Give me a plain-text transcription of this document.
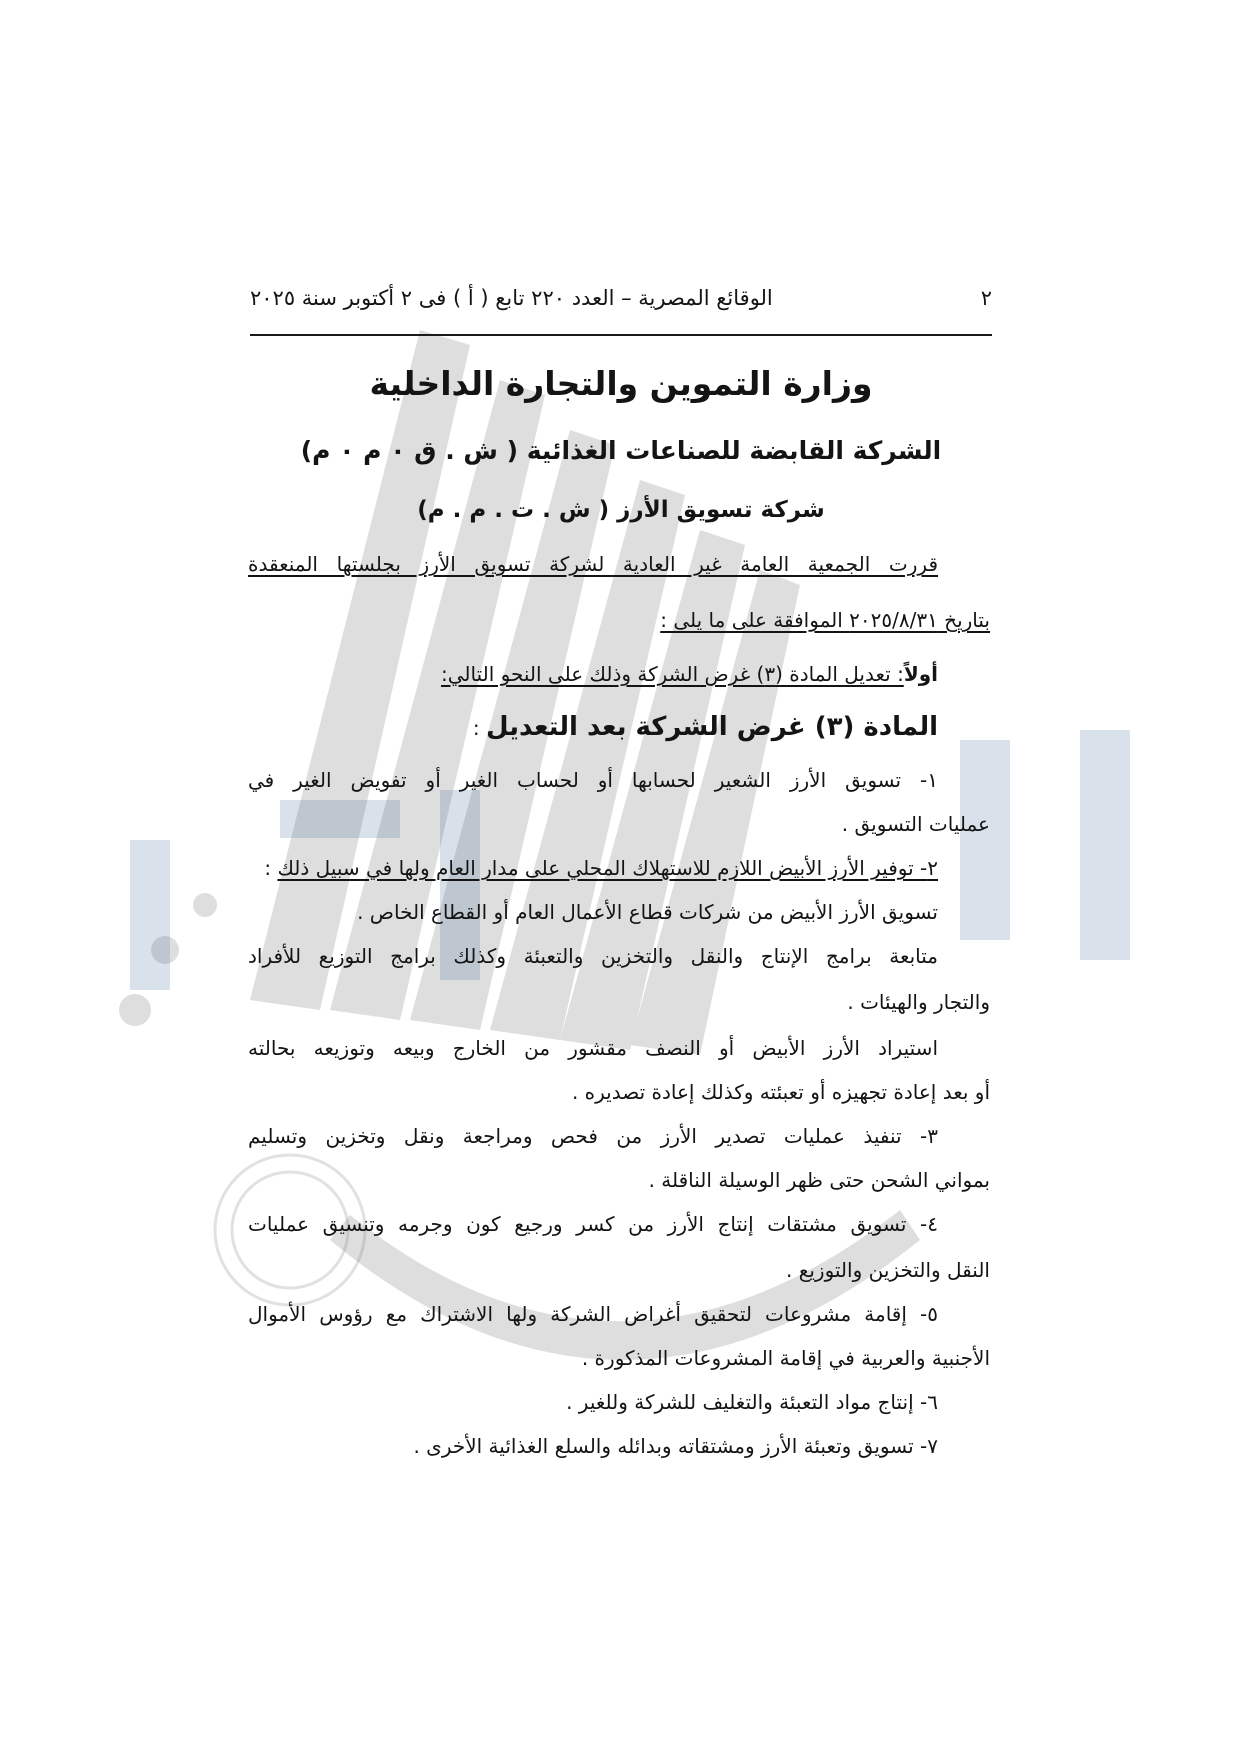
٢
الوقائع المصرية – العدد ٢٢٠ تابع ( أ ) فى ٢ أكتوبر سنة ٢٠٢٥
وزارة التموين والتجارة الداخلية
الشركة القابضة للصناعات الغذائية ( ش . ق ٠ م ٠ م)
شركة تسويق الأرز ( ش . ت . م . م)
قررت الجمعية العامة غير العادية لشركة تسويق الأرز بجلستها المنعقدة
بتاريخ ٢٠٢٥/٨/٣١ الموافقة على ما يلى :
أولاً: تعديل المادة (٣) غرض الشركة وذلك على النحو التالي:
المادة (٣) غرض الشركة بعد التعديل :
١- تسويق الأرز الشعير لحسابها أو لحساب الغير أو تفويض الغير في
عمليات التسويق .
٢- توفير الأرز الأبيض اللازم للاستهلاك المحلي على مدار العام ولها في سبيل ذلك :
تسويق الأرز الأبيض من شركات قطاع الأعمال العام أو القطاع الخاص .
متابعة برامج الإنتاج والنقل والتخزين والتعبئة وكذلك برامج التوزيع للأفراد
والتجار والهيئات .
استيراد الأرز الأبيض أو النصف مقشور من الخارج وبيعه وتوزيعه بحالته
أو بعد إعادة تجهيزه أو تعبئته وكذلك إعادة تصديره .
٣- تنفيذ عمليات تصدير الأرز من فحص ومراجعة ونقل وتخزين وتسليم
بمواني الشحن حتى ظهر الوسيلة الناقلة .
٤- تسويق مشتقات إنتاج الأرز من كسر ورجيع كون وجرمه وتنسيق عمليات
النقل والتخزين والتوزيع .
٥- إقامة مشروعات لتحقيق أغراض الشركة ولها الاشتراك مع رؤوس الأموال
الأجنبية والعربية في إقامة المشروعات المذكورة .
٦- إنتاج مواد التعبئة والتغليف للشركة وللغير .
٧- تسويق وتعبئة الأرز ومشتقاته وبدائله والسلع الغذائية الأخرى .
